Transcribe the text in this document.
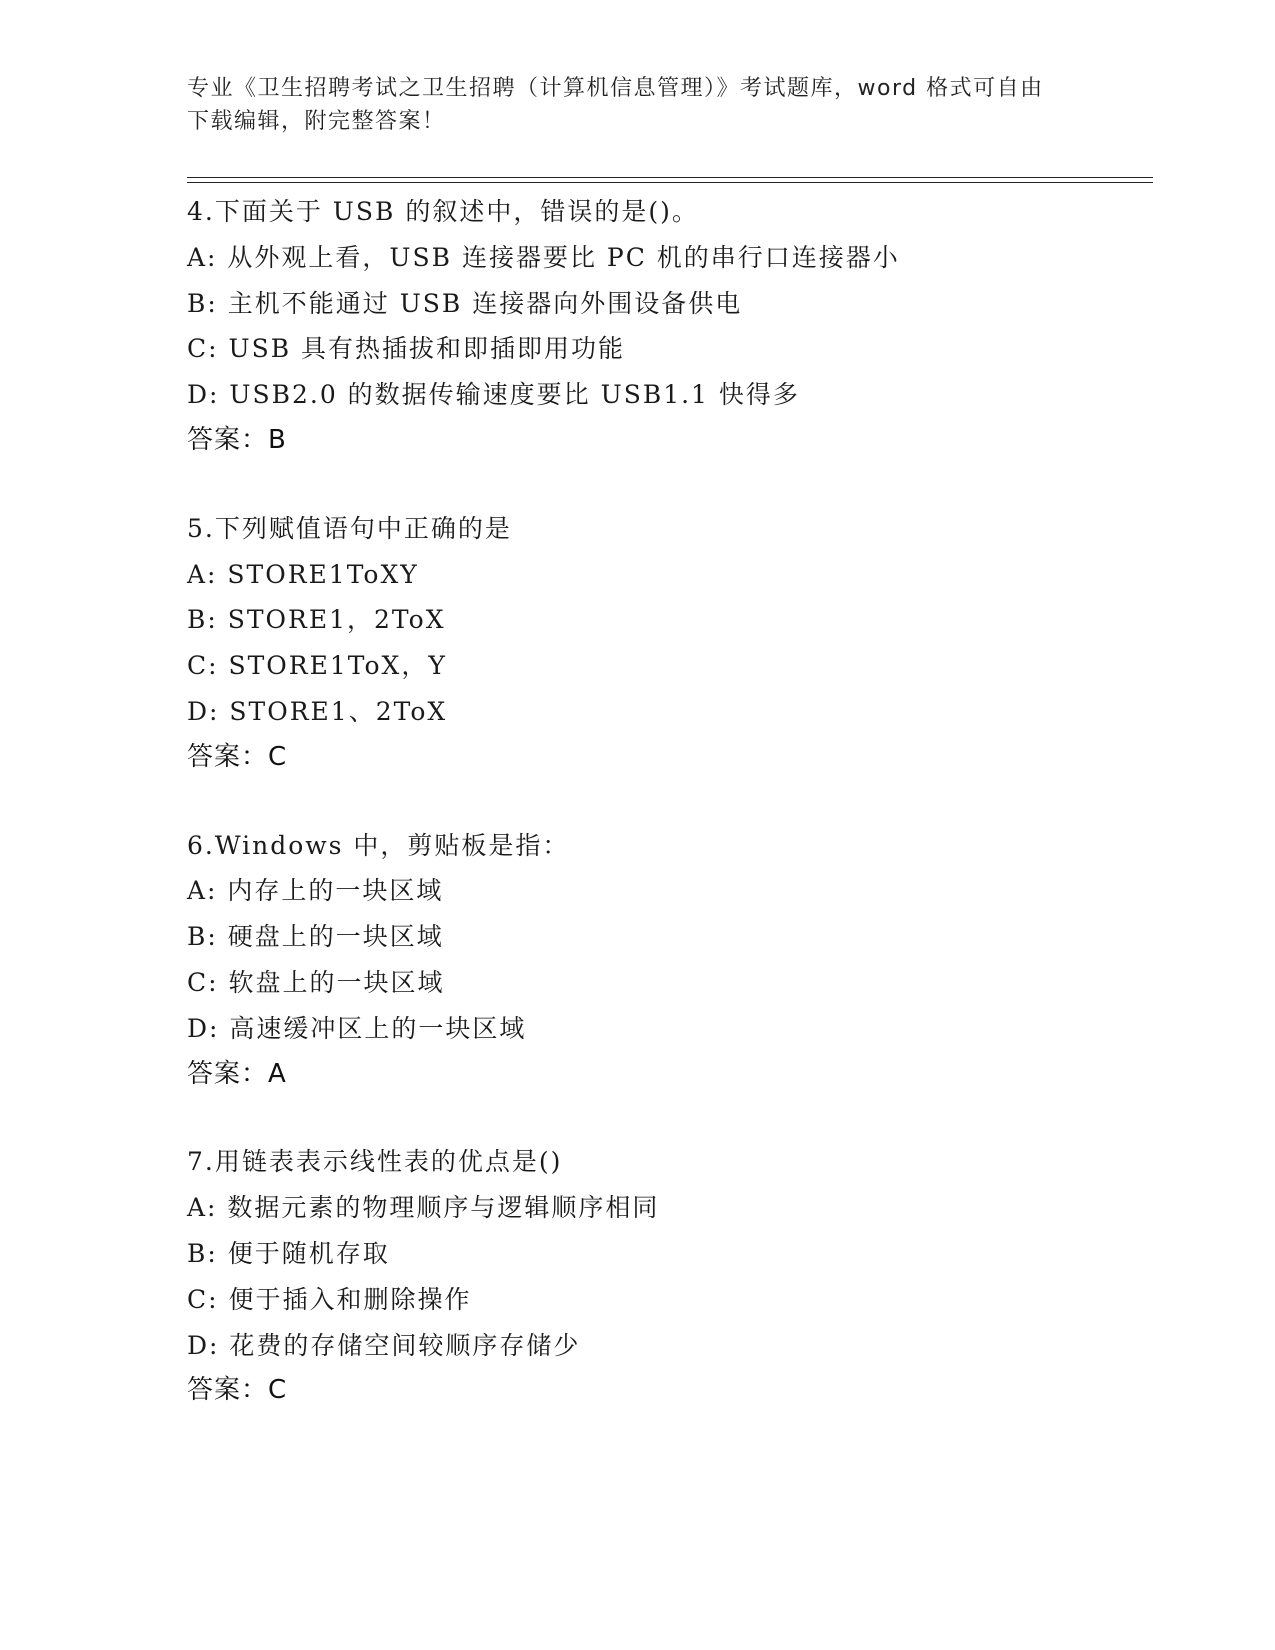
专业《卫生招聘考试之卫生招聘（计算机信息管理）》考试题库，word 格式可自由下载编辑，附完整答案！
4.下面关于 USB 的叙述中，错误的是()。
A: 从外观上看，USB 连接器要比 PC 机的串行口连接器小
B: 主机不能通过 USB 连接器向外围设备供电
C: USB 具有热插拔和即插即用功能
D: USB2.0 的数据传输速度要比 USB1.1 快得多
答案：B
5.下列赋值语句中正确的是
A: STORE1ToXY
B: STORE1，2ToX
C: STORE1ToX，Y
D: STORE1、2ToX
答案：C
6.Windows 中，剪贴板是指：
A: 内存上的一块区域
B: 硬盘上的一块区域
C: 软盘上的一块区域
D: 高速缓冲区上的一块区域
答案：A
7.用链表表示线性表的优点是()
A: 数据元素的物理顺序与逻辑顺序相同
B: 便于随机存取
C: 便于插入和删除操作
D: 花费的存储空间较顺序存储少
答案：C
